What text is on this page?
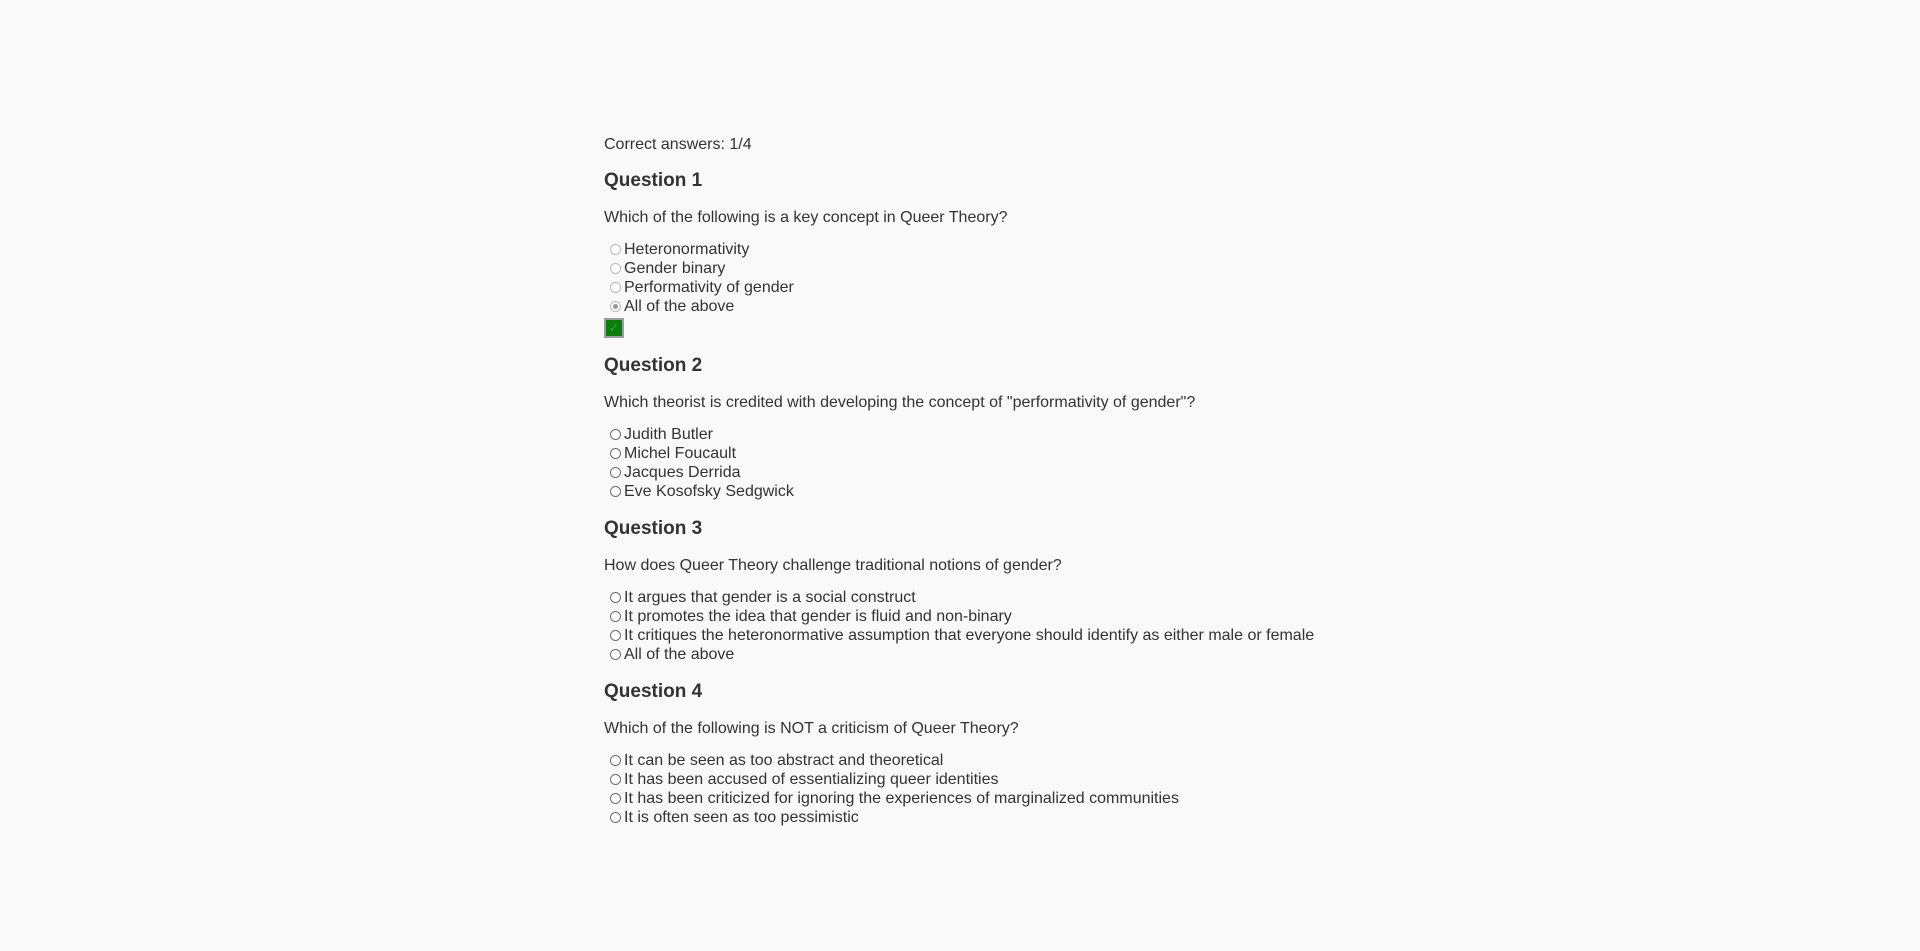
Correct answers: 1/4
Question 1

Which of the following is a key concept in Queer Theory?

Heteronormativity
Gender binary
Performativity of gender
All of the above
✓
Question 2

Which theorist is credited with developing the concept of "performativity of gender"?

Judith Butler
Michel Foucault
Jacques Derrida
Eve Kosofsky Sedgwick
Question 3

How does Queer Theory challenge traditional notions of gender?

It argues that gender is a social construct
It promotes the idea that gender is fluid and non-binary
It critiques the heteronormative assumption that everyone should identify as either male or female
All of the above
Question 4

Which of the following is NOT a criticism of Queer Theory?

It can be seen as too abstract and theoretical
It has been accused of essentializing queer identities
It has been criticized for ignoring the experiences of marginalized communities
It is often seen as too pessimistic
